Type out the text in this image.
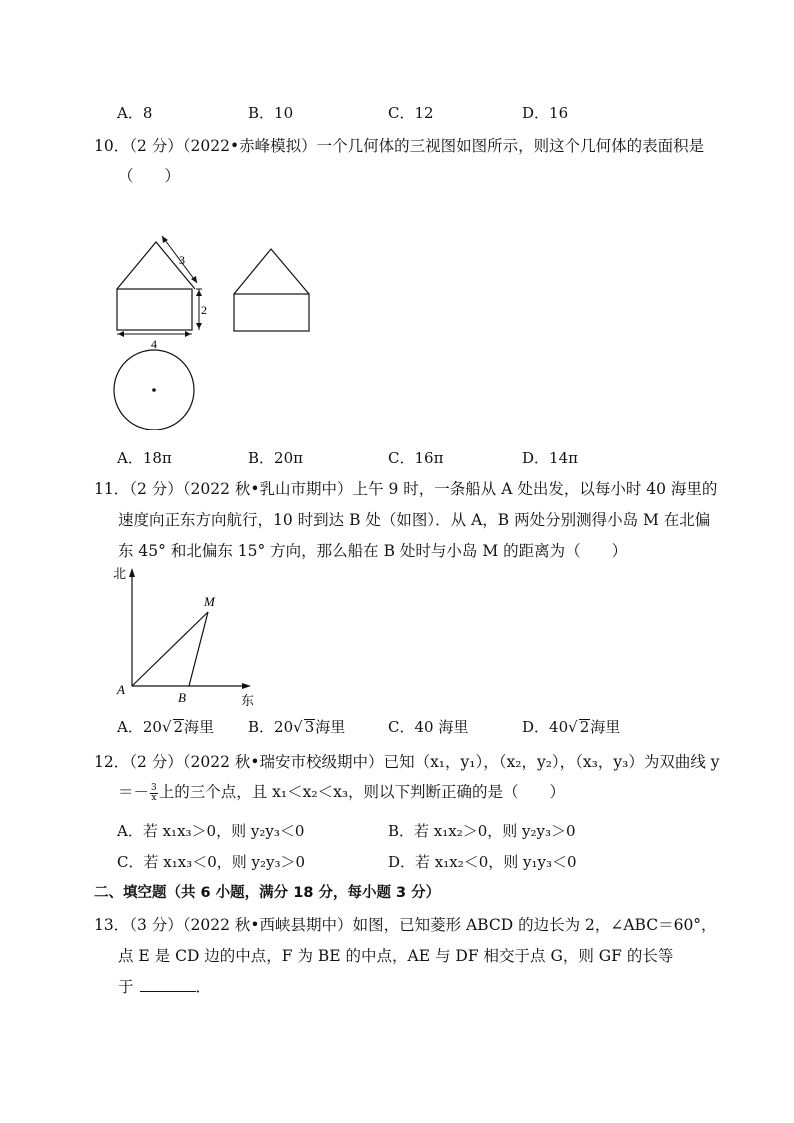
A．8	B．10	C．12	D．16
10．（2 分）（2022•赤峰模拟）一个几何体的三视图如图所示，则这个几何体的表面积是
（　　）
3
2
4
A．18π	B．20π	C．16π	D．14π
11．（2 分）（2022 秋•乳山市期中）上午 9 时，一条船从 A 处出发，以每小时 40 海里的
速度向正东方向航行，10 时到达 B 处（如图）．从 A，B 两处分别测得小岛 M 在北偏
东 45° 和北偏东 15° 方向，那么船在 B 处时与小岛 M 的距离为（　　）
北
东
A
B
M
A．20√ 2海里 B．20√ 3海里	C．40 海里	D．40√ 2海里
12．（2 分）（2022 秋•瑞安市校级期中）已知（x₁，y₁），（x₂，y₂），（x₃，y₃）为双曲线 y
＝－ $\frac{3}{x}$ 上的三个点，且 x₁＜x₂＜x₃，则以下判断正确的是（　　）
A．若 x₁x₃＞0，则 y₂y₃＜0	B．若 x₁x₂＞0，则 y₂y₃＞0
C．若 x₁x₃＜0，则 y₂y₃＞0	D．若 x₁x₂＜0，则 y₁y₃＜0
二、填空题（共 6 小题，满分 18 分，每小题 3 分）
13．（3 分）（2022 秋•西峡县期中）如图，已知菱形 ABCD 的边长为 2，∠ABC＝60°，
点 E 是 CD 边的中点，F 为 BE 的中点，AE 与 DF 相交于点 G，则 GF 的长等
于	．
